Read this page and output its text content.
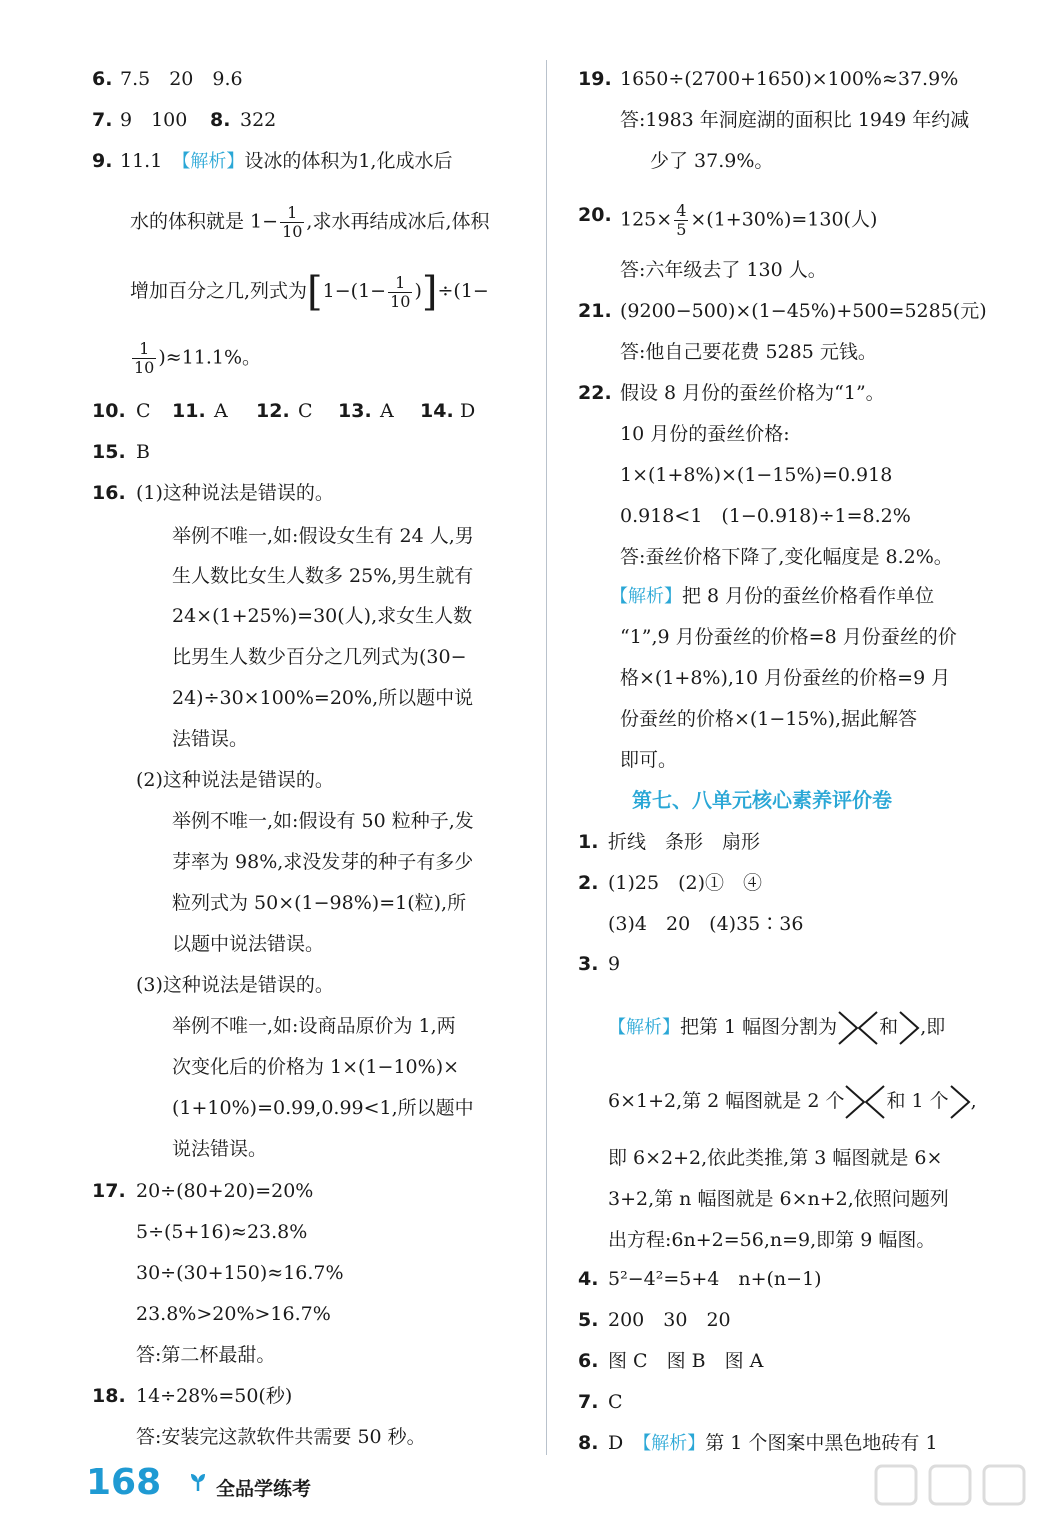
6. 7.5　20　9.6
7. 9　100 8. 322
9. 11.1　 【解析】设冰的体积为1,化成水后
水的体积就是 $1- \frac{1}{10}$ ,求水再结成冰后,体积
增加百分之几,列式为$[1-(1- \frac{1}{10} )]\div(1-$
$\frac{1}{10} )\approx 11.1\%$。
10. C 11. A 12. C 13. A 14. D
15. B
16. (1)这种说法是错误的。
举例不唯一,如:假设女生有 24 人,男
生人数比女生人数多 25%,男生就有
24×(1+25%)=30(人),求女生人数
比男生人数少百分之几列式为(30−
24)÷30×100%=20%,所以题中说
法错误。
(2)这种说法是错误的。
举例不唯一,如:假设有 50 粒种子,发
芽率为 98%,求没发芽的种子有多少
粒列式为 50×(1−98%)=1(粒),所
以题中说法错误。
(3)这种说法是错误的。
举例不唯一,如:设商品原价为 1,两
次变化后的价格为 1×(1−10%)×
(1+10%)=0.99,0.99<1,所以题中
说法错误。
17. 20÷(80+20)=20%
5÷(5+16)≈23.8%
30÷(30+150)≈16.7%
23.8%>20%>16.7%
答:第二杯最甜。
18. 14÷28%=50(秒)
答:安装完这款软件共需要 50 秒。
19. 1650÷(2700+1650)×100%≈37.9%
答:1983 年洞庭湖的面积比 1949 年约减
少了 37.9%。
20. $125\times \frac{4}{5} \times(1+30\%)=130$(人)
答:六年级去了 130 人。
21. (9200−500)×(1−45%)+500=5285(元)
答:他自己要花费 5285 元钱。
22. 假设 8 月份的蚕丝价格为“1”。
10 月份的蚕丝价格:
1×(1+8%)×(1−15%)=0.918
0.918<1　(1−0.918)÷1=8.2%
答:蚕丝价格下降了,变化幅度是 8.2%。
【解析】把 8 月份的蚕丝价格看作单位
“1”,9 月份蚕丝的价格=8 月份蚕丝的价
格×(1+8%),10 月份蚕丝的价格=9 月
份蚕丝的价格×(1−15%),据此解答
即可。
第七、八单元核心素养评价卷
1. 折线　条形　扇形
2. (1)25　(2)①　④
(3)4　20　(4)35∶36
3. 9
【解析】把第 1 幅图分割为 和 ,即
6×1+2,第 2 幅图就是 2 个 和 1 个 ,
即 6×2+2,依此类推,第 3 幅图就是 6×
3+2,第 n 幅图就是 6×n+2,依照问题列
出方程:6n+2=56,n=9,即第 9 幅图。
4. 5²−4²=5+4　n+(n−1)
5. 200　30　20
6. 图 C　图 B　图 A
7. C
8. D　 【解析】第 1 个图案中黑色地砖有 1
168	全品学练考
